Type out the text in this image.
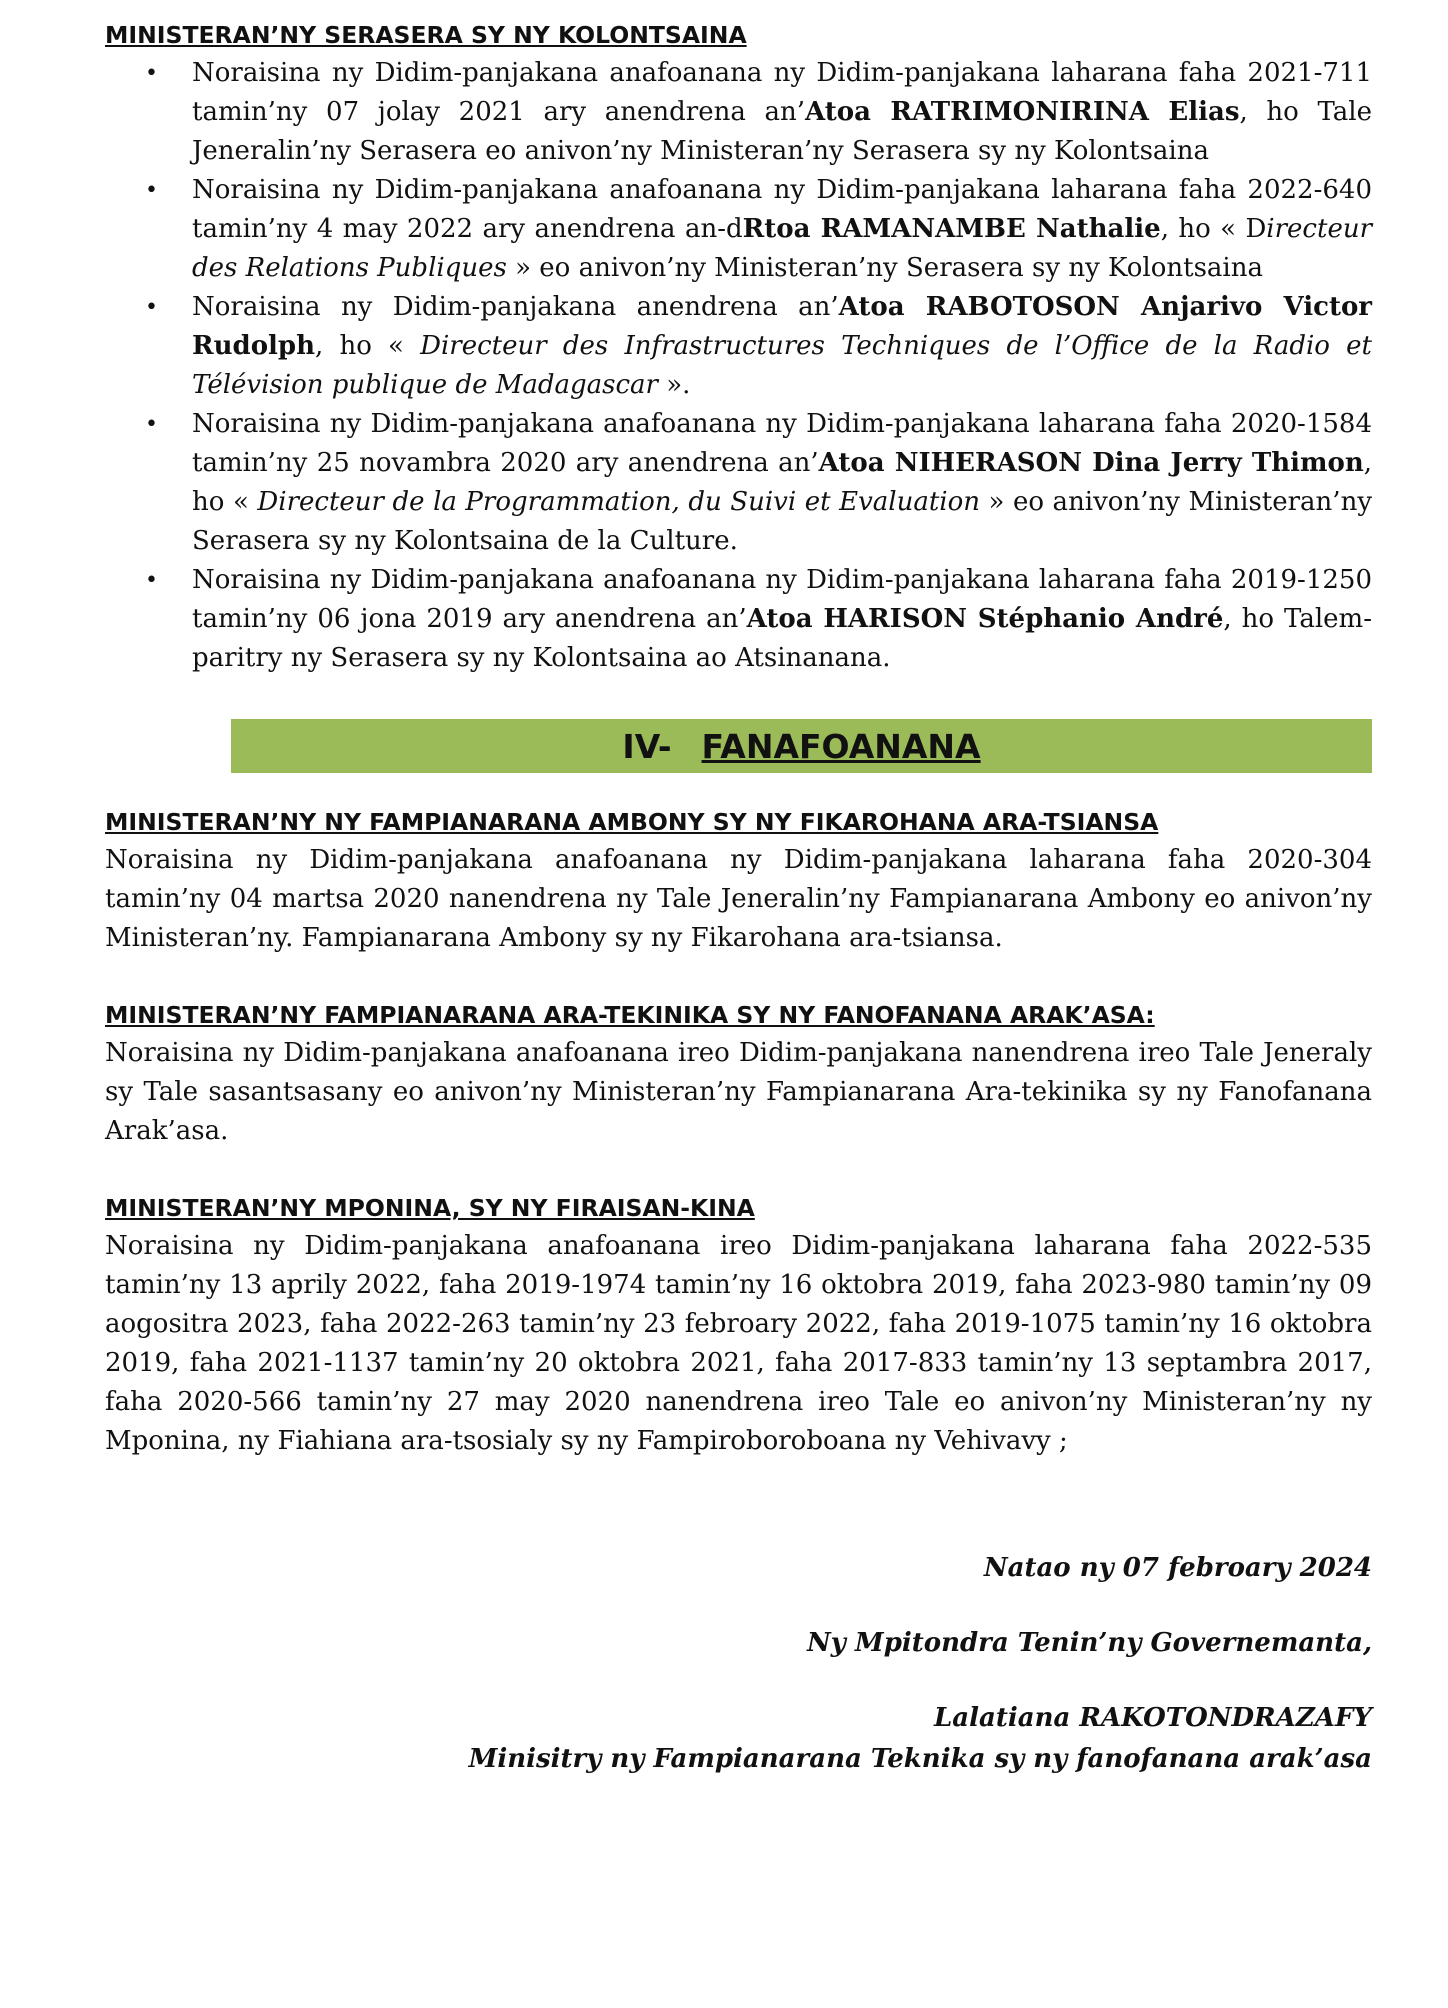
MINISTERAN’NY SERASERA SY NY KOLONTSAINA
• Noraisina ny Didim-panjakana anafoanana ny Didim-panjakana laharana faha 2021-711 tamin’ny 07 jolay 2021 ary anendrena an’Atoa RATRIMONIRINA Elias, ho Tale Jeneralin’ny Serasera eo anivon’ny Ministeran’ny Serasera sy ny Kolontsaina
• Noraisina ny Didim-panjakana anafoanana ny Didim-panjakana laharana faha 2022-640 tamin’ny 4 may 2022 ary anendrena an-dRtoa RAMANAMBE Nathalie, ho « Directeur des Relations Publiques » eo anivon’ny Ministeran’ny Serasera sy ny Kolontsaina
• Noraisina ny Didim-panjakana anendrena an’Atoa RABOTOSON Anjarivo Victor Rudolph, ho « Directeur des Infrastructures Techniques de l’Office de la Radio et Télévision publique de Madagascar ».
• Noraisina ny Didim-panjakana anafoanana ny Didim-panjakana laharana faha 2020-1584 tamin’ny 25 novambra 2020 ary anendrena an’Atoa NIHERASON Dina Jerry Thimon, ho « Directeur de la Programmation, du Suivi et Evaluation » eo anivon’ny Ministeran’ny Serasera sy ny Kolontsaina de la Culture.
• Noraisina ny Didim-panjakana anafoanana ny Didim-panjakana laharana faha 2019-1250 tamin’ny 06 jona 2019 ary anendrena an’Atoa HARISON Stéphanio André, ho Talem-paritry ny Serasera sy ny Kolontsaina ao Atsinanana.
IV- FANAFOANANA
MINISTERAN’NY NY FAMPIANARANA AMBONY SY NY FIKAROHANA ARA-TSIANSA

Noraisina ny Didim-panjakana anafoanana ny Didim-panjakana laharana faha 2020-304 tamin’ny 04 martsa 2020 nanendrena ny Tale Jeneralin’ny Fampianarana Ambony eo anivon’ny Ministeran’ny. Fampianarana Ambony sy ny Fikarohana ara-tsiansa.

MINISTERAN’NY FAMPIANARANA ARA-TEKINIKA SY NY FANOFANANA ARAK’ASA:

Noraisina ny Didim-panjakana anafoanana ireo Didim-panjakana nanendrena ireo Tale Jeneraly sy Tale sasantsasany eo anivon’ny Ministeran’ny Fampianarana Ara-tekinika sy ny Fanofanana Arak’asa.

MINISTERAN’NY MPONINA, SY NY FIRAISAN-KINA

Noraisina ny Didim-panjakana anafoanana ireo Didim-panjakana laharana faha 2022-535 tamin’ny 13 aprily 2022, faha 2019-1974 tamin’ny 16 oktobra 2019, faha 2023-980 tamin’ny 09 aogositra 2023, faha 2022-263 tamin’ny 23 febroary 2022, faha 2019-1075 tamin’ny 16 oktobra 2019, faha 2021-1137 tamin’ny 20 oktobra 2021, faha 2017-833 tamin’ny 13 septambra 2017, faha 2020-566 tamin’ny 27 may 2020 nanendrena ireo Tale eo anivon’ny Ministeran’ny ny Mponina, ny Fiahiana ara-tsosialy sy ny Fampiroboroboana ny Vehivavy ;

Natao ny 07 febroary 2024

Ny Mpitondra Tenin’ny Governemanta,

Lalatiana RAKOTONDRAZAFY

Minisitry ny Fampianarana Teknika sy ny fanofanana arak’asa
